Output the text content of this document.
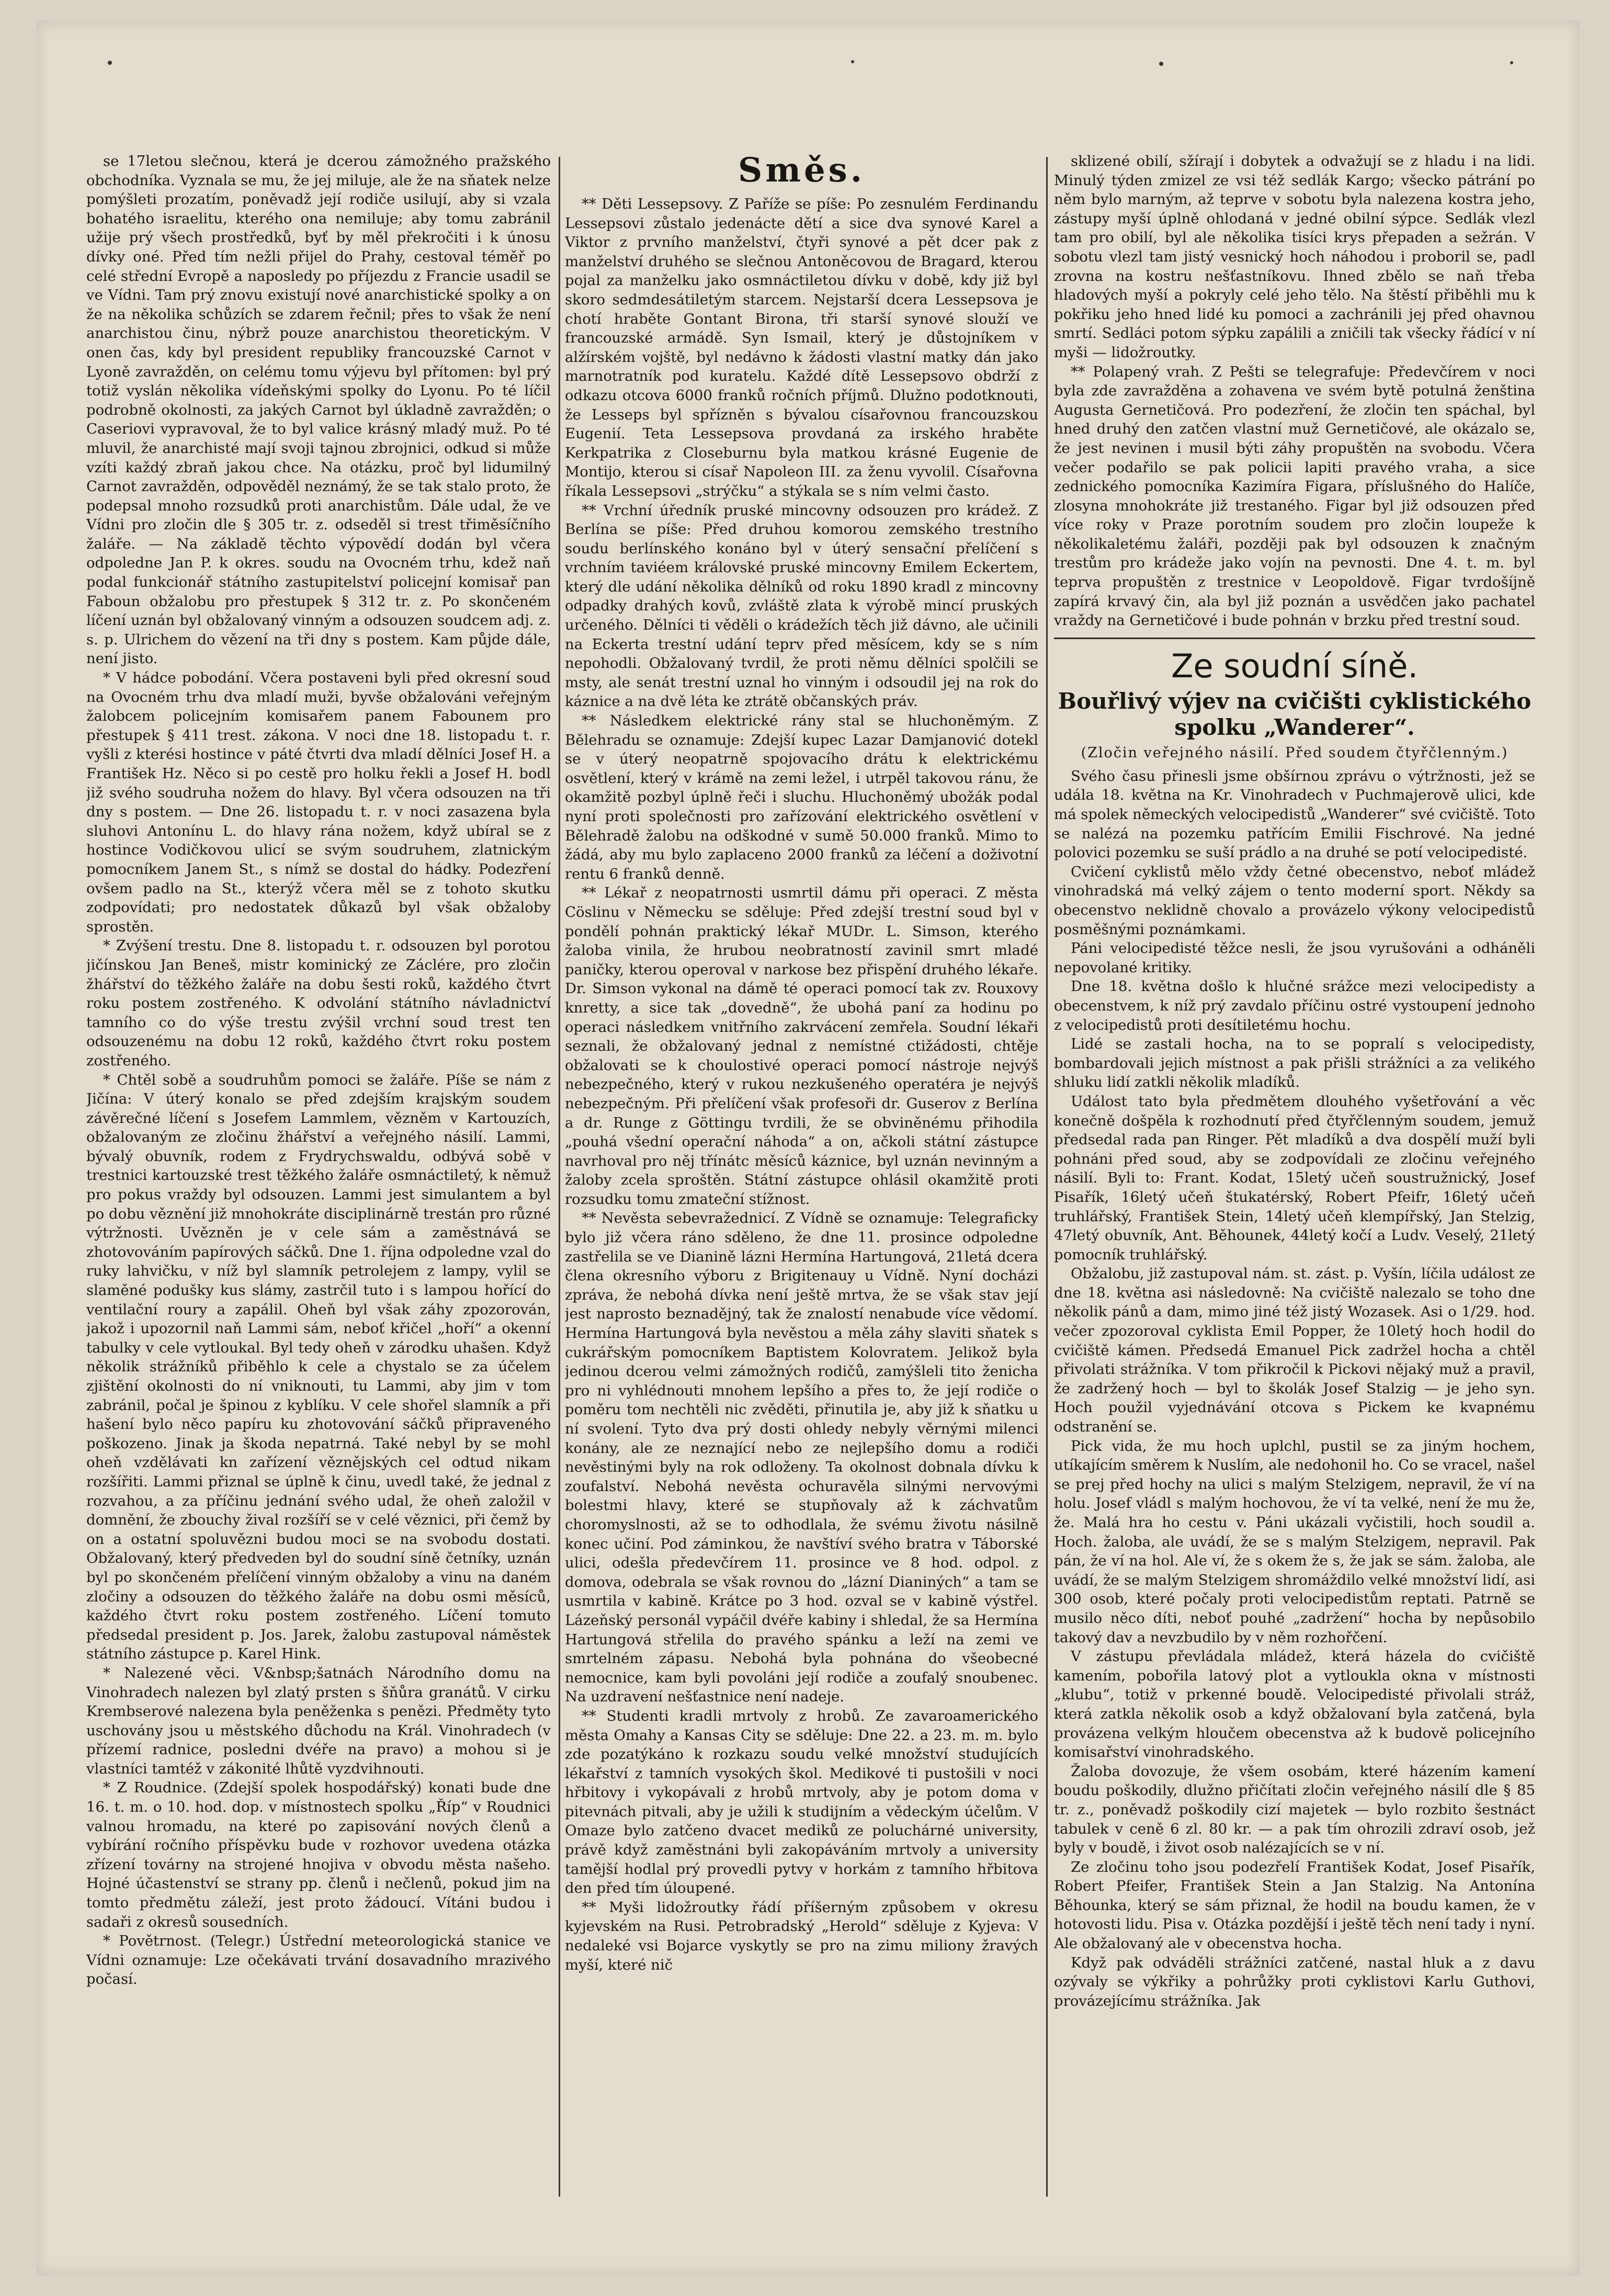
se 17letou slečnou, která je dcerou zámožného pražského obchodníka. Vyznala se mu, že jej miluje, ale že na sňatek nelze pomýšleti prozatím, poněvadž její rodiče usilují, aby si vzala bohatého israelitu, kterého ona nemiluje; aby tomu zabránil užije prý všech prostředků, byť by měl překročiti i k únosu dívky oné. Před tím nežli přijel do Prahy, cestoval téměř po celé střední Evropě a naposledy po příjezdu z Francie usadil se ve Vídni. Tam prý znovu existují nové anarchistické spolky a on že na několika schůzích se zdarem řečnil; přes to však že není anarchistou činu, nýbrž pouze anarchistou theoretickým. V onen čas, kdy byl president republiky francouzské Carnot v Lyoně zavražděn, on celému tomu výjevu byl přítomen: byl prý totiž vyslán několika vídeňskými spolky do Lyonu. Po té líčil podrobně okolnosti, za jakých Carnot byl úkladně zavražděn; o Caseriovi vypravoval, že to byl valice krásný mladý muž. Po té mluvil, že anarchisté mají svoji tajnou zbrojnici, odkud si může vzíti každý zbraň jakou chce. Na otázku, proč byl lidumilný Carnot zavražděn, odpověděl neznámý, že se tak stalo proto, že podepsal mnoho rozsudků proti anarchistům. Dále udal, že ve Vídni pro zločin dle § 305 tr. z. odseděl si trest třiměsíčního žaláře. — Na základě těchto výpovědí dodán byl včera odpoledne Jan P. k okres. soudu na Ovocném trhu, kdež naň podal funkcionář státního zastupitelství policejní komisař pan Faboun obžalobu pro přestupek § 312 tr. z. Po skončeném líčení uznán byl obžalovaný vinným a odsouzen soudcem adj. z. s. p. Ulrichem do vězení na tři dny s postem. Kam půjde dále, není jisto.

* V hádce pobodání. Včera postaveni byli před okresní soud na Ovocném trhu dva mladí muži, byvše obžalováni veřejným žalobcem policejním komisařem panem Fabounem pro přestupek § 411 trest. zákona. V noci dne 18. listopadu t. r. vyšli z kterési hostince v páté čtvrti dva mladí dělníci Josef H. a František Hz. Něco si po cestě pro holku řekli a Josef H. bodl již svého soudruha nožem do hlavy. Byl včera odsouzen na tři dny s postem. — Dne 26. listopadu t. r. v noci zasazena byla sluhovi Antonínu L. do hlavy rána nožem, když ubíral se z hostince Vodičkovou ulicí se svým soudruhem, zlatnickým pomocníkem Janem St., s nímž se dostal do hádky. Podezření ovšem padlo na St., kterýž včera měl se z tohoto skutku zodpovídati; pro nedostatek důkazů byl však obžaloby sprostěn.

* Zvýšení trestu. Dne 8. listopadu t. r. odsouzen byl porotou jičínskou Jan Beneš, mistr kominický ze Záclére, pro zločin žhářství do těžkého žaláře na dobu šesti roků, každého čtvrt roku postem zostřeného. K odvolání státního návladnictví tamního co do výše trestu zvýšil vrchní soud trest ten odsouzenému na dobu 12 roků, každého čtvrt roku postem zostřeného.

* Chtěl sobě a soudruhům pomoci se žaláře. Píše se nám z Jičína: V úterý konalo se před zdejším krajským soudem závěrečné líčení s Josefem Lammlem, vězněm v Kartouzích, obžalovaným ze zločinu žhářství a veřejného násilí. Lammi, bývalý obuvník, rodem z Frydrychswaldu, odbývá sobě v trestnici kartouzské trest těžkého žaláře osmnáctiletý, k němuž pro pokus vraždy byl odsouzen. Lammi jest simulantem a byl po dobu věznění již mnohokráte disciplinárně trestán pro různé výtržnosti. Uvězněn je v cele sám a zaměstnává se zhotovováním papírových sáčků. Dne 1. října odpoledne vzal do ruky lahvičku, v níž byl slamník petrolejem z lampy, vylil se slaměné podušky kus slámy, zastrčil tuto i s lampou hořící do ventilační roury a zapálil. Oheň byl však záhy zpozorován, jakož i upozornil naň Lammi sám, neboť křičel „hoří“ a okenní tabulky v cele vytloukal. Byl tedy oheň v zárodku uhašen. Když několik strážníků přiběhlo k cele a chystalo se za účelem zjištění okolnosti do ní vniknouti, tu Lammi, aby jim v tom zabránil, počal je špinou z kyblíku. V cele shořel slamník a při hašení bylo něco papíru ku zhotovování sáčků připraveného poškozeno. Jinak ja škoda nepatrná. Také nebyl by se mohl oheň vzdělávati kn zařízení věznějských cel odtud nikam rozšířiti. Lammi přiznal se úplně k činu, uvedl také, že jednal z rozvahou, a za příčinu jednání svého udal, že oheň založil v domnění, že zbouchy žival rozšíří se v celé věznici, při čemž by on a ostatní spoluvězni budou moci se na svobodu dostati. Obžalovaný, který předveden byl do soudní síně četníky, uznán byl po skončeném přelíčení vinným obžaloby a vinu na daném zločiny a odsouzen do těžkého žaláře na dobu osmi měsíců, každého čtvrt roku postem zostřeného. Líčení tomuto předsedal president p. Jos. Jarek, žalobu zastupoval náměstek státního zástupce p. Karel Hink.

* Nalezené věci. V&nbsp;šatnách Národního domu na Vinohradech nalezen byl zlatý prsten s šňůra granátů. V cirku Krembserové nalezena byla peněženka s penězi. Předměty tyto uschovány jsou u městského důchodu na Král. Vinohradech (v přízemí radnice, posledni dvéře na pravo) a mohou si je vlastníci tamtéž v zákonité lhůtě vyzdvihnouti.

* Z Roudnice. (Zdejší spolek hospodářský) konati bude dne 16. t. m. o 10. hod. dop. v místnostech spolku „Říp“ v Roudnici valnou hromadu, na které po zapisování nových členů a vybírání ročního příspěvku bude v rozhovor uvedena otázka zřízení továrny na strojené hnojiva v obvodu města našeho. Hojné účastenství se strany pp. členů i nečlenů, pokud jim na tomto předmětu záleží, jest proto žádoucí. Vítáni budou i sadaři z okresů sousedních.

* Povětrnost. (Telegr.) Ústřední meteorologická stanice ve Vídni oznamuje: Lze očekávati trvání dosavadního mrazivého počasí.

Směs.

** Děti Lessepsovy. Z Paříže se píše: Po zesnulém Ferdinandu Lessepsovi zůstalo jedenácte dětí a sice dva synové Karel a Viktor z prvního manželství, čtyři synové a pět dcer pak z manželství druhého se slečnou Antoněcovou de Bragard, kterou pojal za manželku jako osmnáctiletou dívku v době, kdy již byl skoro sedmdesátiletým starcem. Nejstarší dcera Lessepsova je chotí hraběte Gontant Birona, tři starší synové slouží ve francouzské armádě. Syn Ismail, který je důstojníkem v alžírském vojště, byl nedávno k žádosti vlastní matky dán jako marnotratník pod kuratelu. Každé dítě Lessepsovo obdrží z odkazu otcova 6000 franků ročních příjmů. Dlužno podotknouti, že Lesseps byl spřízněn s bývalou císařovnou francouzskou Eugenií. Teta Lessepsova provdaná za irského hraběte Kerkpatrika z Closeburnu byla matkou krásné Eugenie de Montijo, kterou si císař Napoleon III. za ženu vyvolil. Císařovna říkala Lessepsovi „strýčku“ a stýkala se s ním velmi často.

** Vrchní úředník pruské mincovny odsouzen pro krádež. Z Berlína se píše: Před druhou komorou zemského trestního soudu berlínského konáno byl v úterý sensační přelíčení s vrchním taviéem královské pruské mincovny Emilem Eckertem, který dle udání několika dělníků od roku 1890 kradl z mincovny odpadky drahých kovů, zvláště zlata k výrobě mincí pruských určeného. Dělníci ti věděli o krádežích těch již dávno, ale učinili na Eckerta trestní udání teprv před měsícem, kdy se s ním nepohodli. Obžalovaný tvrdil, že proti němu dělníci spolčili se msty, ale senát trestní uznal ho vinným i odsoudil jej na rok do káznice a na dvě léta ke ztrátě občanských práv.

** Následkem elektrické rány stal se hluchoněmým. Z Bělehradu se oznamuje: Zdejší kupec Lazar Damjanović dotekl se v úterý neopatrně spojovacího drátu k elektrickému osvětlení, který v krámě na zemi ležel, i utrpěl takovou ránu, že okamžitě pozbyl úplně řeči i sluchu. Hluchoněmý ubožák podal nyní proti společnosti pro zařízování elektrického osvětlení v Bělehradě žalobu na odškodné v sumě 50.000 franků. Mimo to žádá, aby mu bylo zaplaceno 2000 franků za léčení a doživotní rentu 6 franků denně.

** Lékař z neopatrnosti usmrtil dámu při operaci. Z města Cöslinu v Německu se sděluje: Před zdejší trestní soud byl v pondělí pohnán praktický lékař MUDr. L. Simson, kterého žaloba vinila, že hrubou neobratností zavinil smrt mladé paničky, kterou operoval v narkose bez přispění druhého lékaře. Dr. Simson vykonal na dámě té operaci pomocí tak zv. Rouxovy knretty, a sice tak „dovedně“, že ubohá paní za hodinu po operaci následkem vnitřního zakrvácení zemřela. Soudní lékaři seznali, že obžalovaný jednal z nemístné ctižádosti, chtěje obžalovati se k choulostivé operaci pomocí nástroje nejvýš nebezpečného, který v rukou nezkušeného operatéra je nejvýš nebezpečným. Při přelíčení však profesoři dr. Guserov z Berlína a dr. Runge z Göttingu tvrdili, že se obviněnému přihodila „pouhá všední operační náhoda“ a on, ačkoli státní zástupce navrhoval pro něj třínátc měsíců káznice, byl uznán nevinným a žaloby zcela sproštěn. Státní zástupce ohlásil okamžitě proti rozsudku tomu zmateční stížnost.

** Nevěsta sebevražednicí. Z Vídně se oznamuje: Telegraficky bylo již včera ráno sděleno, že dne 11. prosince odpoledne zastřelila se ve Dianině lázni Hermína Hartungová, 21letá dcera člena okresního výboru z Brigitenauy u Vídně. Nyní docházi zpráva, že nebohá dívka není ještě mrtva, že se však stav její jest naprosto beznadějný, tak že znalostí nenabude více vědomí. Hermína Hartungová byla nevěstou a měla záhy slaviti sňatek s cukrářským pomocníkem Baptistem Kolovratem. Jelikož byla jedinou dcerou velmi zámožných rodičů, zamýšleli tito ženicha pro ni vyhlédnouti mnohem lepšího a přes to, že její rodiče o poměru tom nechtěli nic zvěděti, přinutila je, aby již k sňatku u ní svolení. Tyto dva prý dosti ohledy nebyly věrnými milenci konány, ale ze neznající nebo ze nejlepšího domu a rodiči nevěstinými byly na rok odloženy. Ta okolnost dobnala dívku k zoufalství. Nebohá nevěsta ochuravěla silnými nervovými bolestmi hlavy, které se stupňovaly až k záchvatům choromyslnosti, až se to odhodlala, že svému životu násilně konec učiní. Pod záminkou, že navštíví svého bratra v Táborské ulici, odešla předevčírem 11. prosince ve 8 hod. odpol. z domova, odebrala se však rovnou do „lázní Dianiných“ a tam se usmrtila v kabině. Krátce po 3 hod. ozval se v kabině výstřel. Lázeňský personál vypáčil dvéře kabiny i shledal, že sa Hermína Hartungová střelila do pravého spánku a leží na zemi ve smrtelném zápasu. Nebohá byla pohnána do všeobecné nemocnice, kam byli povoláni její rodiče a zoufalý snoubenec. Na uzdravení nešťastnice není nadeje.

** Studenti kradli mrtvoly z hrobů. Ze zavaroamerického města Omahy a Kansas City se sděluje: Dne 22. a 23. m. m. bylo zde pozatýkáno k rozkazu soudu velké množství studujících lékařství z tamních vysokých škol. Medikové ti pustošili v noci hřbitovy i vykopávali z hrobů mrtvoly, aby je potom doma v pitevnách pitvali, aby je užili k studijním a vědeckým účelům. V Omaze bylo zatčeno dvacet mediků ze poluchárné university, právě když zaměstnáni byli zakopáváním mrtvoly a university tamější hodlal prý provedli pytvy v horkám z tamního hřbitova den před tím úloupené.

** Myši lidožroutky řádí příšerným způsobem v okresu kyjevském na Rusi. Petrobradský „Herold“ sděluje z Kyjeva: V nedaleké vsi Bojarce vyskytly se pro na zimu miliony žravých myší, které nič

sklizené obilí, sžírají i dobytek a odvažují se z hladu i na lidi. Minulý týden zmizel ze vsi též sedlák Kargo; všecko pátrání po něm bylo marným, až teprve v sobotu byla nalezena kostra jeho, zástupy myší úplně ohlodaná v jedné obilní sýpce. Sedlák vlezl tam pro obilí, byl ale několika tisíci krys přepaden a sežrán. V sobotu vlezl tam jistý vesnický hoch náhodou i proboril se, padl zrovna na kostru nešťastníkovu. Ihned zbělo se naň třeba hladových myší a pokryly celé jeho tělo. Na štěstí přiběhli mu k pokřiku jeho hned lidé ku pomoci a zachránili jej před ohavnou smrtí. Sedláci potom sýpku zapálili a zničili tak všecky řádící v ní myši — lidožroutky.

** Polapený vrah. Z Pešti se telegrafuje: Předevčírem v noci byla zde zavražděna a zohavena ve svém bytě potulná ženština Augusta Gernetičová. Pro podezření, že zločin ten spáchal, byl hned druhý den zatčen vlastní muž Gernetičové, ale okázalo se, že jest nevinen i musil býti záhy propuštěn na svobodu. Včera večer podařilo se pak policii lapiti pravého vraha, a sice zednického pomocníka Kazimíra Figara, příslušného do Halíče, zlosyna mnohokráte již trestaného. Figar byl již odsouzen před více roky v Praze porotním soudem pro zločin loupeže k několikaletému žaláři, později pak byl odsouzen k značným trestům pro krádeže jako vojín na pevnosti. Dne 4. t. m. byl teprva propuštěn z trestnice v Leopoldově. Figar tvrdošíjně zapírá krvavý čin, ala byl již poznán a usvědčen jako pachatel vraždy na Gernetičové i bude pohnán v brzku před trestní soud.

Ze soudní síně.
Bouřlivý výjev na cvičišti cyklistického spolku „Wanderer“.
(Zločin veřejného násilí. Před soudem čtyřčlenným.)

Svého času přinesli jsme obšírnou zprávu o výtržnosti, jež se udála 18. května na Kr. Vinohradech v Puchmajerově ulici, kde má spolek německých velocipedistů „Wanderer“ své cvičiště. Toto se nalézá na pozemku patřícím Emilii Fischrové. Na jedné polovici pozemku se suší prádlo a na druhé se potí velocipedisté.

Cvičení cyklistů mělo vždy četné obecenstvo, neboť mládež vinohradská má velký zájem o tento moderní sport. Někdy sa obecenstvo neklidně chovalo a provázelo výkony velocipedistů posměšnými poznámkami.

Páni velocipedisté těžce nesli, že jsou vyrušováni a odháněli nepovolané kritiky.

Dne 18. května došlo k hlučné srážce mezi velocipedisty a obecenstvem, k níž prý zavdalo příčinu ostré vystoupení jednoho z velocipedistů proti desítiletému hochu.

Lidé se zastali hocha, na to se popralí s velocipedisty, bombardovali jejich místnost a pak přišli strážníci a za velikého shluku lidí zatkli několik mladíků.

Událost tato byla předmětem dlouhého vyšetřování a věc konečně došpěla k rozhodnutí před čtyřčlenným soudem, jemuž předsedal rada pan Ringer. Pět mladíků a dva dospělí muží byli pohnáni před soud, aby se zodpovídali ze zločinu veřejného násilí. Byli to: Frant. Kodat, 15letý učeň soustružnický, Josef Pisařík, 16letý učeň štukatérský, Robert Pfeifr, 16letý učeň truhlářský, František Stein, 14letý učeň klempířský, Jan Stelzig, 47letý obuvník, Ant. Běhounek, 44letý kočí a Ludv. Veselý, 21letý pomocník truhlářský.

Obžalobu, již zastupoval nám. st. zást. p. Vyšín, líčila událost ze dne 18. května asi následovně: Na cvičiště nalezalo se toho dne několik pánů a dam, mimo jiné též jistý Wozasek. Asi o 1/29. hod. večer zpozoroval cyklista Emil Popper, že 10letý hoch hodil do cvičiště kámen. Předsedá Emanuel Pick zadržel hocha a chtěl přivolati strážníka. V tom přikročil k Pickovi nějaký muž a pravil, že zadržený hoch — byl to školák Josef Stalzig — je jeho syn. Hoch použil vyjednávání otcova s Pickem ke kvapnému odstranění se.

Pick vida, že mu hoch uplchl, pustil se za jiným hochem, utíkajícím směrem k Nuslím, ale nedohonil ho. Co se vracel, našel se prej před hochy na ulici s malým Stelzigem, nepravil, že ví na holu. Josef vládl s malým hochovou, že ví ta velké, není že mu že, že. Malá hra ho cestu v. Páni ukázali vyčistili, hoch soudil a. Hoch. žaloba, ale uvádí, že se s malým Stelzigem, nepravil. Pak pán, že ví na hol. Ale ví, že s okem že s, že jak se sám. žaloba, ale uvádí, že se malým Stelzigem shromáždilo velké množství lidí, asi 300 osob, které počaly proti velocipedistům reptati. Patrně se musilo něco díti, neboť pouhé „zadržení“ hocha by nepůsobilo takový dav a nevzbudilo by v něm rozhořčení.

V zástupu převládala mládež, která házela do cvičiště kamením, pobořila latový plot a vytloukla okna v místnosti „klubu“, totiž v prkenné boudě. Velocipedisté přivolali stráž, která zatkla několik osob a když obžalovaní byla zatčená, byla provázena velkým hloučem obecenstva až k budově policejního komisařství vinohradského.

Žaloba dovozuje, že všem osobám, které házením kamení boudu poškodily, dlužno přičítati zločin veřejného násilí dle § 85 tr. z., poněvadž poškodily cizí majetek — bylo rozbito šestnáct tabulek v ceně 6 zl. 80 kr. — a pak tím ohrozili zdraví osob, jež byly v boudě, i život osob nalézajících se v ní.

Ze zločinu toho jsou podezřelí František Kodat, Josef Pisařík, Robert Pfeifer, František Stein a Jan Stalzig. Na Antonína Běhounka, který se sám přiznal, že hodil na boudu kamen, že v hotovosti lidu. Pisa v. Otázka pozdější i ještě těch není tady i nyní. Ale obžalovaný ale v obecenstva hocha.

Když pak odváděli strážníci zatčené, nastal hluk a z davu ozývaly se výkřiky a pohrůžky proti cyklistovi Karlu Guthovi, provázejícímu strážníka. Jak
